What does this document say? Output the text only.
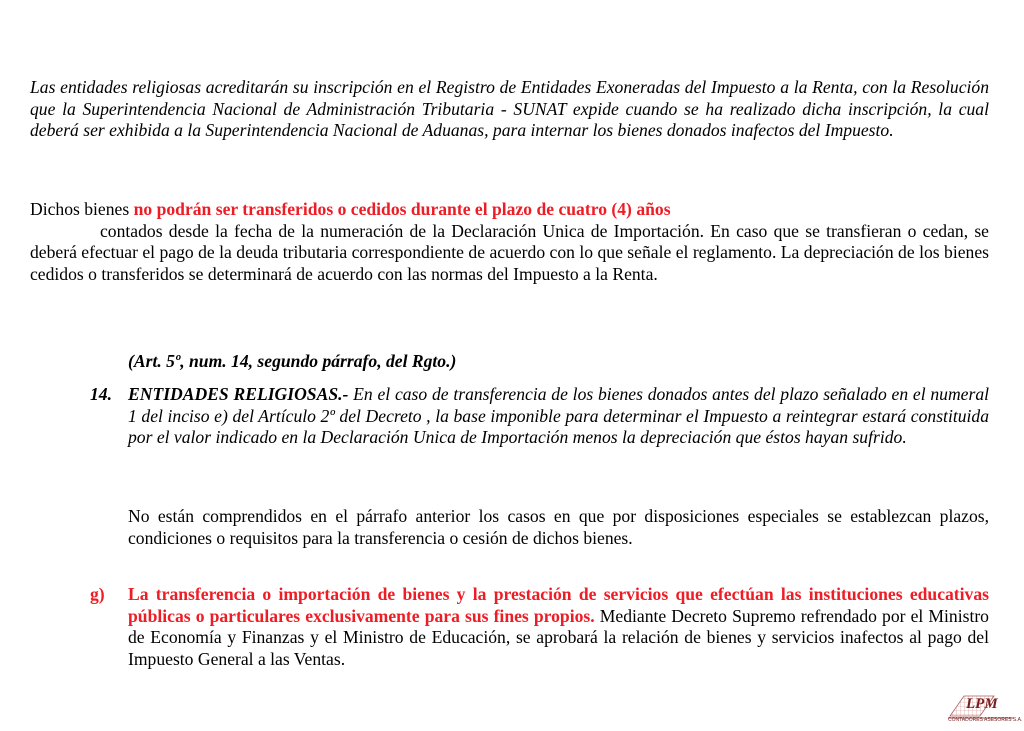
Las entidades religiosas acreditarán su inscripción en el Registro de Entidades Exoneradas del Impuesto a la Renta, con la Resolución que la Superintendencia Nacional de Administración Tributaria - SUNAT expide cuando se ha realizado dicha inscripción, la cual deberá ser exhibida a la Superintendencia Nacional de Aduanas, para internar los bienes donados inafectos del Impuesto.
Dichos bienes no podrán ser transferidos o cedidos durante el plazo de cuatro (4) años
contados desde la fecha de la numeración de la Declaración Unica de Importación. En caso que se transfieran o cedan, se deberá efectuar el pago de la deuda tributaria correspondiente de acuerdo con lo que señale el reglamento. La depreciación de los bienes cedidos o transferidos se determinará de acuerdo con las normas del Impuesto a la Renta.
(Art. 5º, num. 14, segundo párrafo, del Rgto.)
14. ENTIDADES RELIGIOSAS.- En el caso de transferencia de los bienes donados antes del plazo señalado en el numeral 1 del inciso e) del Artículo 2º del Decreto , la base imponible para determinar el Impuesto a reintegrar estará constituida por el valor indicado en la Declaración Unica de Importación menos la depreciación que éstos hayan sufrido.
No están comprendidos en el párrafo anterior los casos en que por disposiciones especiales se establezcan plazos, condiciones o requisitos para la transferencia o cesión de dichos bienes.
g) La transferencia o importación de bienes y la prestación de servicios que efectúan las instituciones educativas públicas o particulares exclusivamente para sus fines propios. Mediante Decreto Supremo refrendado por el Ministro de Economía y Finanzas y el Ministro de Educación, se aprobará la relación de bienes y servicios inafectos al pago del Impuesto General a las Ventas.
LPM
CONTADORES ASESORES S.A.
